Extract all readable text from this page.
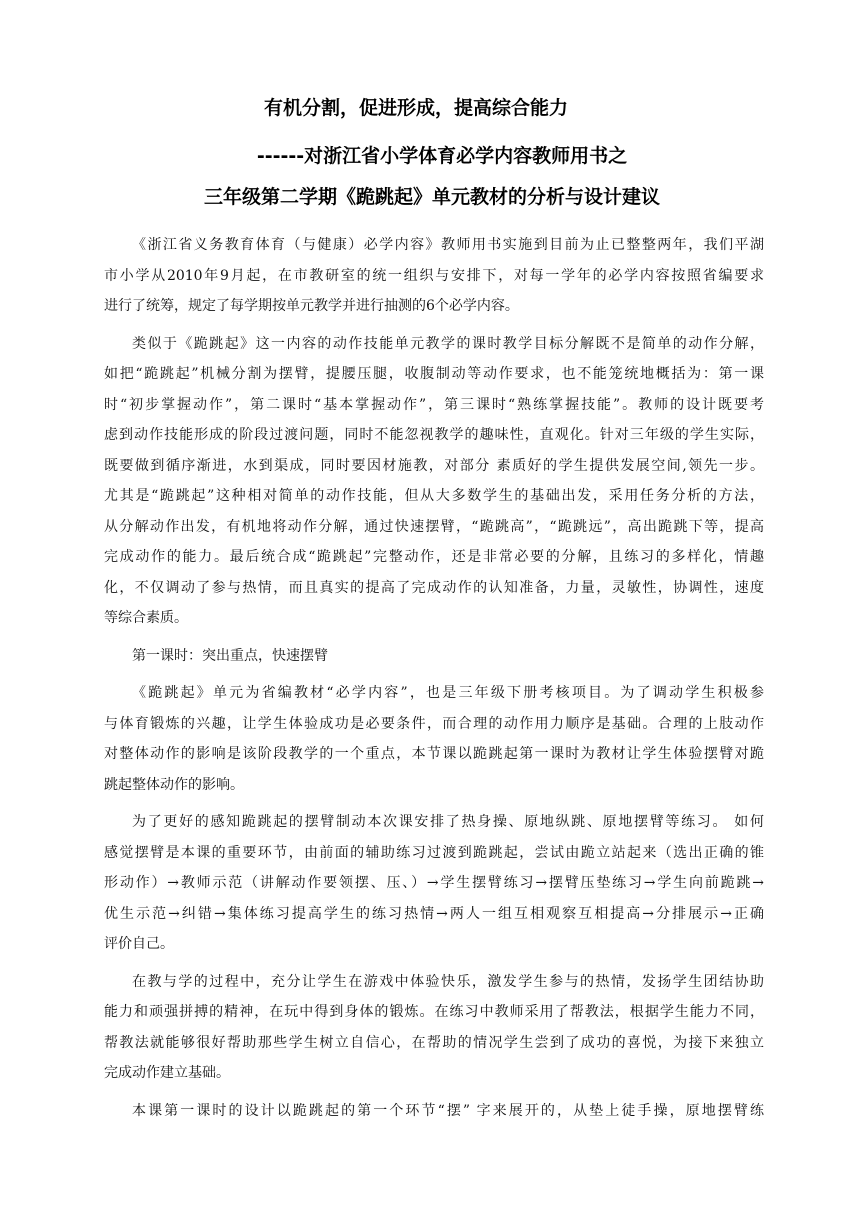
有机分割，促进形成，提高综合能力
------对浙江省小学体育必学内容教师用书之
三年级第二学期《跪跳起》单元教材的分析与设计建议
《浙江省义务教育体育（与健康）必学内容》教师用书实施到目前为止已整整两年，我们平湖
市小学从2010年9月起，在市教研室的统一组织与安排下，对每一学年的必学内容按照省编要求
进行了统筹，规定了每学期按单元教学并进行抽测的6个必学内容。
类似于《跪跳起》这一内容的动作技能单元教学的课时教学目标分解既不是简单的动作分解，
如把“跪跳起”机械分割为摆臂，提腰压腿，收腹制动等动作要求，也不能笼统地概括为：第一课
时“初步掌握动作”，第二课时“基本掌握动作”，第三课时“熟练掌握技能”。教师的设计既要考
虑到动作技能形成的阶段过渡问题，同时不能忽视教学的趣味性，直观化。针对三年级的学生实际，
既要做到循序渐进，水到渠成，同时要因材施教，对部分 素质好的学生提供发展空间,领先一步。
尤其是“跪跳起”这种相对简单的动作技能，但从大多数学生的基础出发，采用任务分析的方法，
从分解动作出发，有机地将动作分解，通过快速摆臂，“跪跳高”，“跪跳远”，高出跪跳下等，提高
完成动作的能力。最后统合成“跪跳起”完整动作，还是非常必要的分解，且练习的多样化，情趣
化，不仅调动了参与热情，而且真实的提高了完成动作的认知准备，力量，灵敏性，协调性，速度
等综合素质。
第一课时：突出重点，快速摆臂
《跪跳起》单元为省编教材“必学内容”，也是三年级下册考核项目。为了调动学生积极参
与体育锻炼的兴趣，让学生体验成功是必要条件，而合理的动作用力顺序是基础。合理的上肢动作
对整体动作的影响是该阶段教学的一个重点，本节课以跪跳起第一课时为教材让学生体验摆臂对跪
跳起整体动作的影响。
为了更好的感知跪跳起的摆臂制动本次课安排了热身操、原地纵跳、原地摆臂等练习。 如何
感觉摆臂是本课的重要环节，由前面的辅助练习过渡到跪跳起，尝试由跪立站起来（选出正确的锥
形动作）→教师示范（讲解动作要领摆、压、）→学生摆臂练习→摆臂压垫练习→学生向前跪跳→
优生示范→纠错→集体练习提高学生的练习热情→两人一组互相观察互相提高→分排展示→正确
评价自己。
在教与学的过程中，充分让学生在游戏中体验快乐，激发学生参与的热情，发扬学生团结协助
能力和顽强拼搏的精神，在玩中得到身体的锻炼。在练习中教师采用了帮教法，根据学生能力不同，
帮教法就能够很好帮助那些学生树立自信心，在帮助的情况学生尝到了成功的喜悦，为接下来独立
完成动作建立基础。
本课第一课时的设计以跪跳起的第一个环节“摆” 字来展开的，从垫上徒手操，原地摆臂练
